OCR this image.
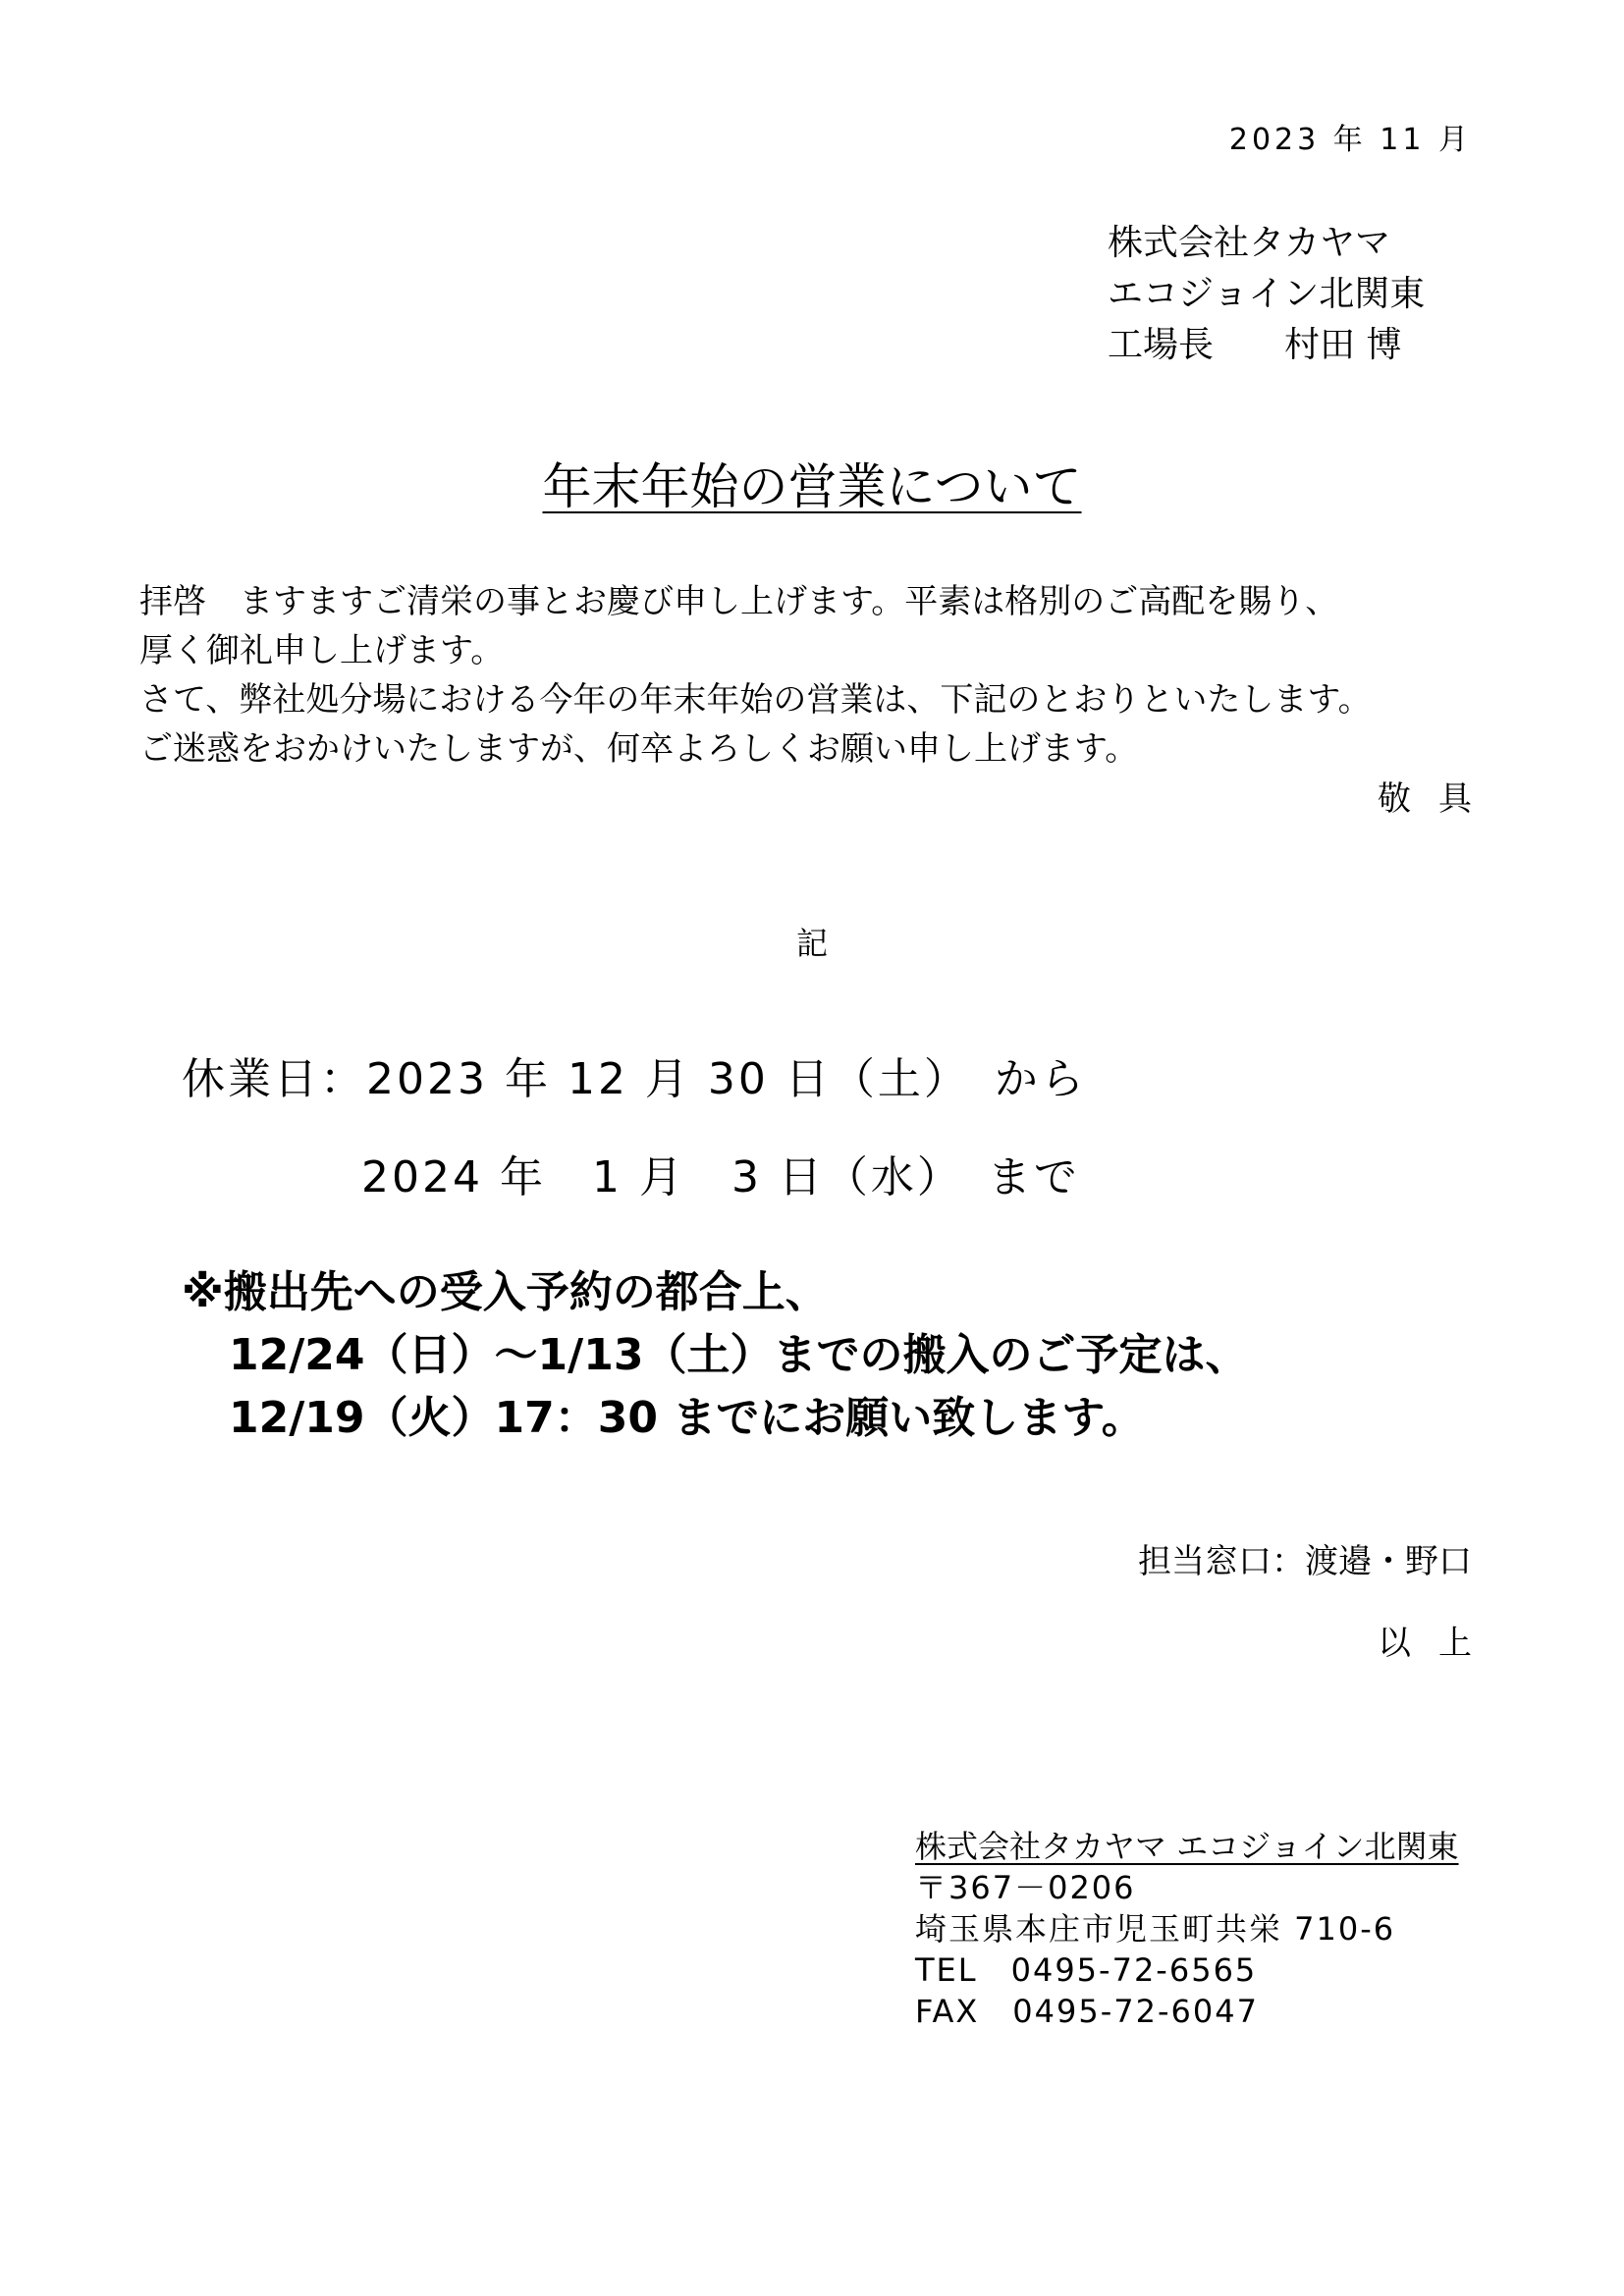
2023 年 11 月
株式会社タカヤマ
エコジョイン北関東
工場長　　村田 博
年末年始の営業について
拝啓　ますますご清栄の事とお慶び申し上げます。平素は格別のご高配を賜り、
厚く御礼申し上げます。
さて、弊社処分場における今年の年末年始の営業は、下記のとおりといたします。
ご迷惑をおかけいたしますが、何卒よろしくお願い申し上げます。
敬具
記
休業日：2023 年 12 月 30 日（土）　から
2024 年　1 月　3 日（水）　まで
※搬出先への受入予約の都合上、
12/24（日）～1/13（土）までの搬入のご予定は、
12/19（火）17：30 までにお願い致します。
担当窓口：渡邉・野口
以上
株式会社タカヤマ エコジョイン北関東
〒367－0206
埼玉県本庄市児玉町共栄 710-6
TEL　0495-72-6565
FAX　0495-72-6047
